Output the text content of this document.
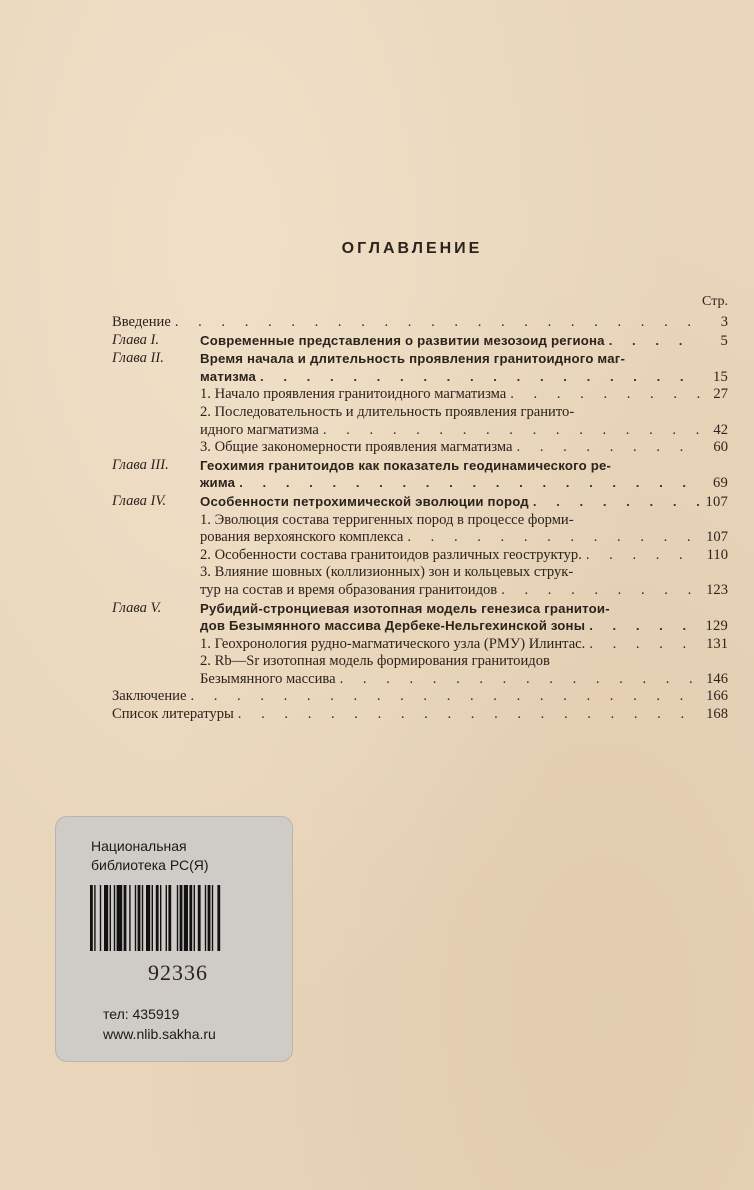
ОГЛАВЛЕНИЕ
Стр.
Введение . . .	3
Глава I.	Современные представления о развитии мезозоид региона . . .	5
Глава II.	Время начала и длительность проявления гранитоидного маг-
матизма . . .	15
1. Начало проявления гранитоидного магматизма . . .	27
2. Последовательность и длительность проявления гранито-
идного магматизма . . .	42
3. Общие закономерности проявления магматизма . . .	60
Глава III. Геохимия гранитоидов как показатель геодинамического ре-
жима . . .	69
Глава IV.	Особенности петрохимической эволюции пород . . .	107
1. Эволюция состава терригенных пород в процессе форми-
рования верхоянского комплекса . . .	107
2. Особенности состава гранитоидов различных геоструктур. . . .	110
3. Влияние шовных (коллизионных) зон и кольцевых струк-
тур на состав и время образования гранитоидов . . .	123
Глава V.	Рубидий-стронциевая изотопная модель генезиса гранитои-
дов Безымянного массива Дербеке-Нельгехинской зоны . . .	129
1. Геохронология рудно-магматического узла (РМУ) Илинтас. . . .	131
2. Rb—Sr изотопная модель формирования гранитоидов
Безымянного массива . . .	146
Заключение . . .	166
Список литературы . . .	168
Национальная
библиотека РС(Я)
тел: 435919
www.nlib.sakha.ru
92336
